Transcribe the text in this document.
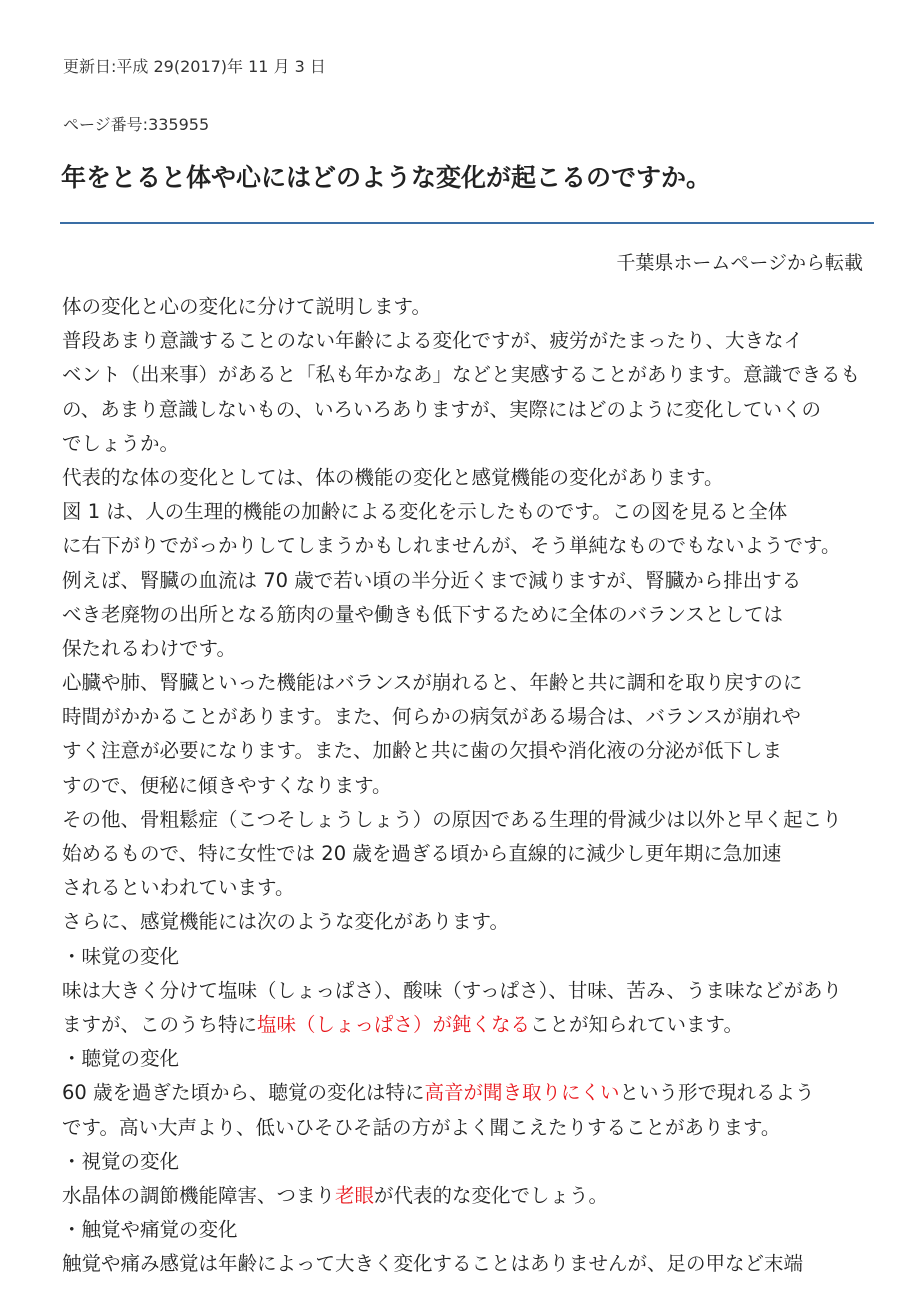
更新日:平成 29(2017)年 11 月 3 日
ページ番号:335955
年をとると体や心にはどのような変化が起こるのですか。
千葉県ホームページから転載
体の変化と心の変化に分けて説明します。
普段あまり意識することのない年齢による変化ですが、疲労がたまったり、大きなイ
ベント（出来事）があると「私も年かなあ」などと実感することがあります。意識できるも
の、あまり意識しないもの、いろいろありますが、実際にはどのように変化していくの
でしょうか。
代表的な体の変化としては、体の機能の変化と感覚機能の変化があります。
図 1 は、人の生理的機能の加齢による変化を示したものです。この図を見ると全体
に右下がりでがっかりしてしまうかもしれませんが、そう単純なものでもないようです。
例えば、腎臓の血流は 70 歳で若い頃の半分近くまで減りますが、腎臓から排出する
べき老廃物の出所となる筋肉の量や働きも低下するために全体のバランスとしては
保たれるわけです。
心臓や肺、腎臓といった機能はバランスが崩れると、年齢と共に調和を取り戻すのに
時間がかかることがあります。また、何らかの病気がある場合は、バランスが崩れや
すく注意が必要になります。また、加齢と共に歯の欠損や消化液の分泌が低下しま
すので、便秘に傾きやすくなります。
その他、骨粗鬆症（こつそしょうしょう）の原因である生理的骨減少は以外と早く起こり
始めるもので、特に女性では 20 歳を過ぎる頃から直線的に減少し更年期に急加速
されるといわれています。
さらに、感覚機能には次のような変化があります。
・味覚の変化
味は大きく分けて塩味（しょっぱさ）、酸味（すっぱさ）、甘味、苦み、うま味などがあり
ますが、このうち特に塩味（しょっぱさ）が鈍くなることが知られています。
・聴覚の変化
60 歳を過ぎた頃から、聴覚の変化は特に高音が聞き取りにくいという形で現れるよう
です。高い大声より、低いひそひそ話の方がよく聞こえたりすることがあります。
・視覚の変化
水晶体の調節機能障害、つまり老眼が代表的な変化でしょう。
・触覚や痛覚の変化
触覚や痛み感覚は年齢によって大きく変化することはありませんが、足の甲など末端
